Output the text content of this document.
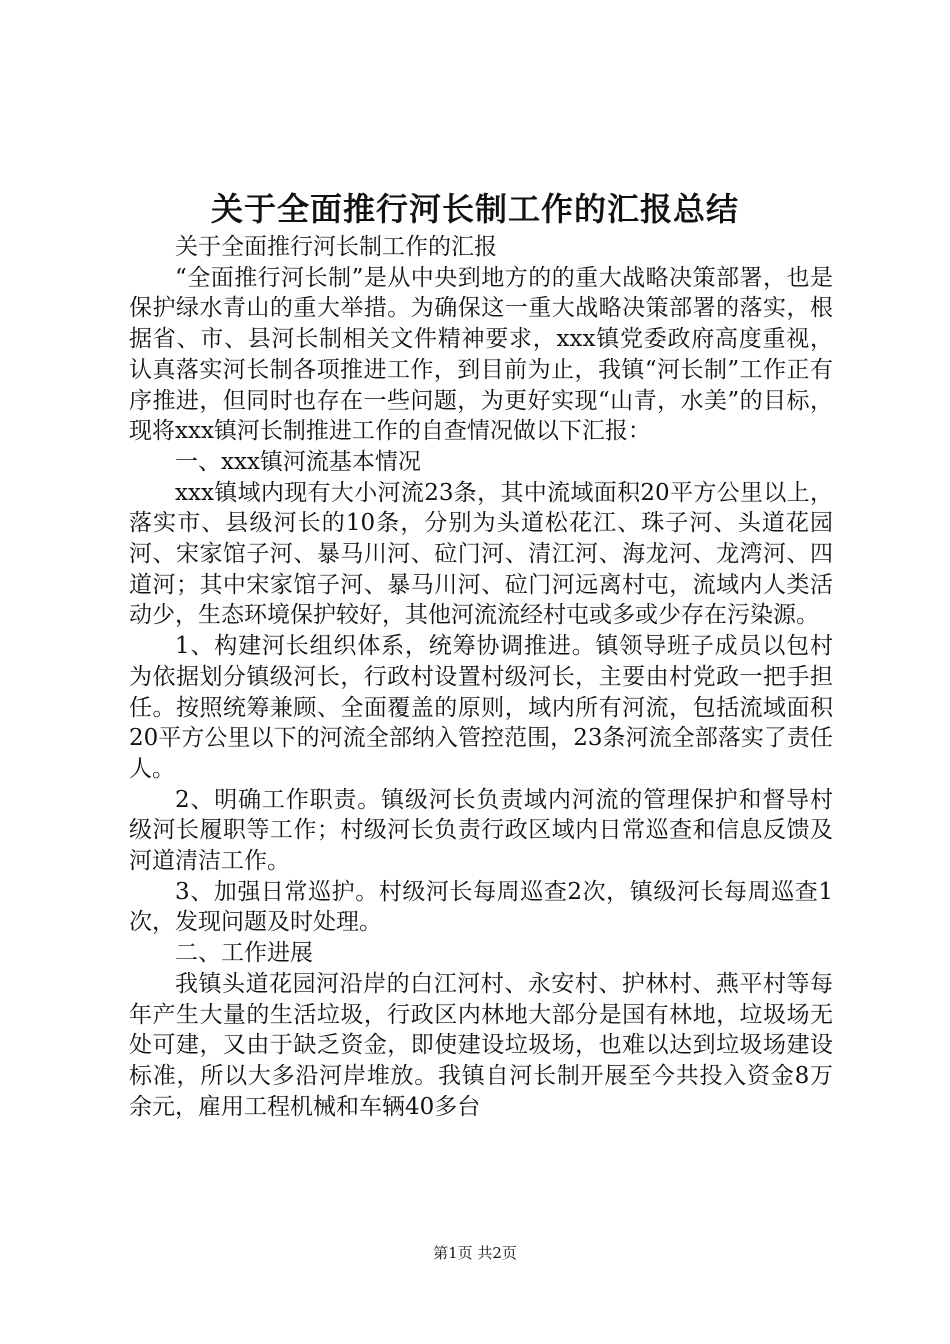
关于全面推行河长制工作的汇报总结

关于全面推行河长制工作的汇报

“全面推行河长制”是从中央到地方的的重大战略决策部署，也是保护绿水青山的重大举措。为确保这一重大战略决策部署的落实，根据省、市、县河长制相关文件精神要求，xxx镇党委政府高度重视，认真落实河长制各项推进工作，到目前为止，我镇“河长制”工作正有序推进，但同时也存在一些问题，为更好实现“山青，水美”的目标，现将xxx镇河长制推进工作的自查情况做以下汇报：

一、xxx镇河流基本情况

xxx镇域内现有大小河流23条，其中流域面积20平方公里以上，落实市、县级河长的10条，分别为头道松花江、珠子河、头道花园河、宋家馆子河、暴马川河、砬门河、清江河、海龙河、龙湾河、四道河；其中宋家馆子河、暴马川河、砬门河远离村屯，流域内人类活动少，生态环境保护较好，其他河流流经村屯或多或少存在污染源。

1、构建河长组织体系，统筹协调推进。镇领导班子成员以包村为依据划分镇级河长，行政村设置村级河长，主要由村党政一把手担任。按照统筹兼顾、全面覆盖的原则，域内所有河流，包括流域面积20平方公里以下的河流全部纳入管控范围，23条河流全部落实了责任人。

2、明确工作职责。镇级河长负责域内河流的管理保护和督导村级河长履职等工作；村级河长负责行政区域内日常巡查和信息反馈及河道清洁工作。

3、加强日常巡护。村级河长每周巡查2次，镇级河长每周巡查1次，发现问题及时处理。

二、工作进展

我镇头道花园河沿岸的白江河村、永安村、护林村、燕平村等每年产生大量的生活垃圾，行政区内林地大部分是国有林地，垃圾场无处可建，又由于缺乏资金，即使建设垃圾场，也难以达到垃圾场建设标准，所以大多沿河岸堆放。我镇自河长制开展至今共投入资金8万余元，雇用工程机械和车辆40多台

第1页 共2页
